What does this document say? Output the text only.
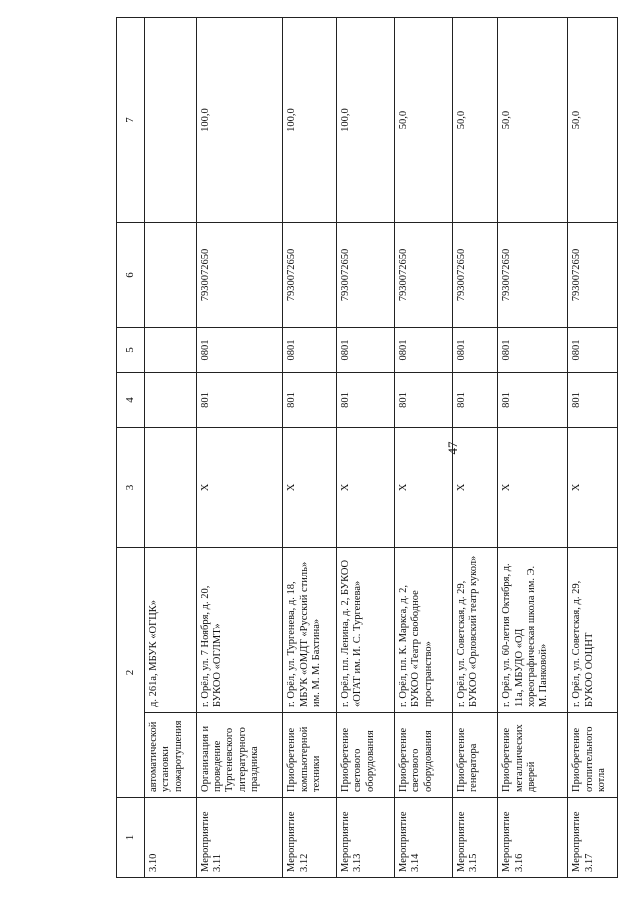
47
1	2		3	4	5	6	7
3.10	автоматической установки пожаротушения	д. 261а, МБУК «ОГЦК»					
Мероприятие 3.11	Организация и проведение Тургеневского литературного праздника	г. Орёл, ул. 7 Ноября, д. 20, БУКОО «ОГЛМТ»	X	801	0801	7930072650	100,0
Мероприятие 3.12	Приобретение компьютерной техники	г. Орёл, ул. Тургенева, д. 18, МБУК «ОМДТ «Русский стиль» им. М. М. Бахтина»	X	801	0801	7930072650	100,0
Мероприятие 3.13	Приобретение светового оборудования	г. Орёл, пл. Ленина, д. 2, БУКОО «ОГАТ им. И. С. Тургенева»	X	801	0801	7930072650	100,0
Мероприятие 3.14	Приобретение светового оборудования	г. Орёл, пл. К. Маркса, д. 2, БУКОО «Театр свободное пространство»	X	801	0801	7930072650	50,0
Мероприятие 3.15	Приобретение генератора	г. Орёл, ул. Советская, д. 29, БУКОО «Орловский театр кукол»	X	801	0801	7930072650	50,0
Мероприятие 3.16	Приобретение металлических дверей	г. Орёл, ул. 60-летия Октября, д. 11а, МБУДО «ОД хореографическая школа им. Э. М. Панковой»	X	801	0801	7930072650	50,0
Мероприятие 3.17	Приобретение отопительного котла	г. Орёл, ул. Советская, д. 29, БУКОО ООЦНТ	X	801	0801	7930072650	50,0
